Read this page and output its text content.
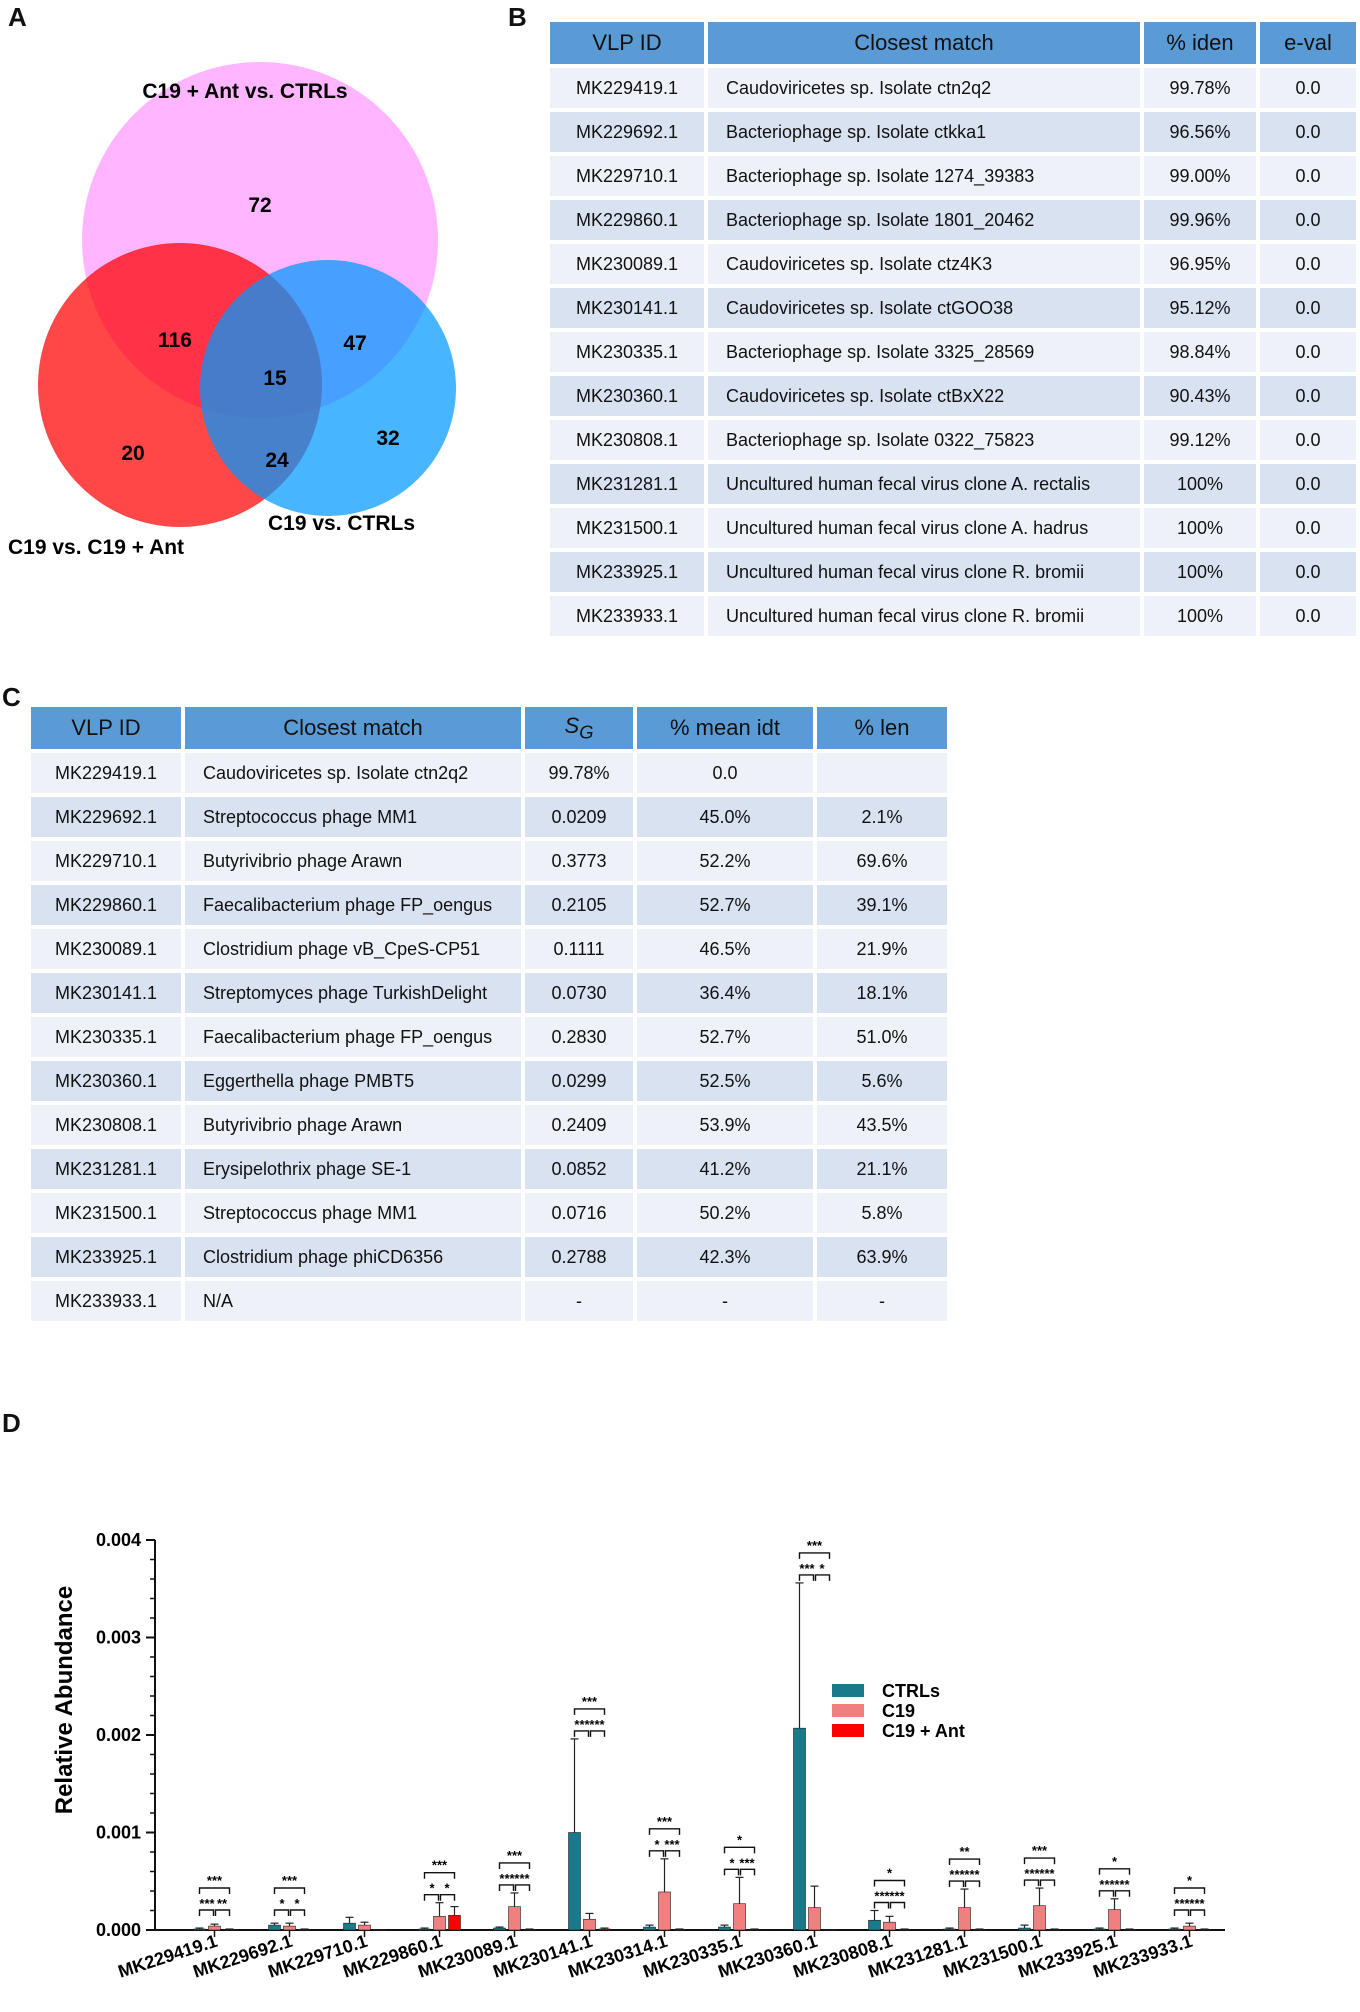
A	B
C
D
C19 + Ant vs. CTRLs
C19 vs. C19 + Ant
C19 vs. CTRLs
72
116	47
15
20
32
24
VLP ID	Closest match	% iden	e-val
MK229419.1	Caudoviricetes sp. Isolate ctn2q2	99.78%	0.0
MK229692.1	Bacteriophage sp. Isolate ctkka1	96.56%	0.0
MK229710.1	Bacteriophage sp. Isolate 1274_39383	99.00%	0.0
MK229860.1	Bacteriophage sp. Isolate 1801_20462	99.96%	0.0
MK230089.1	Caudoviricetes sp. Isolate ctz4K3	96.95%	0.0
MK230141.1	Caudoviricetes sp. Isolate ctGOO38	95.12%	0.0
MK230335.1	Bacteriophage sp. Isolate 3325_28569	98.84%	0.0
MK230360.1	Caudoviricetes sp. Isolate ctBxX22	90.43%	0.0
MK230808.1	Bacteriophage sp. Isolate 0322_75823	99.12%	0.0
MK231281.1	Uncultured human fecal virus clone A. rectalis	100%	0.0
MK231500.1	Uncultured human fecal virus clone A. hadrus	100%	0.0
MK233925.1	Uncultured human fecal virus clone R. bromii	100%	0.0
MK233933.1	Uncultured human fecal virus clone R. bromii	100%	0.0
VLP ID	Closest match	$S_G$	% mean idt	% len
MK229419.1	Caudoviricetes sp. Isolate ctn2q2	99.78%	0.0	
MK229692.1	Streptococcus phage MM1	0.0209	45.0%	2.1%
MK229710.1	Butyrivibrio phage Arawn	0.3773	52.2%	69.6%
MK229860.1	Faecalibacterium phage FP_oengus	0.2105	52.7%	39.1%
MK230089.1	Clostridium phage vB_CpeS-CP51	0.1111	46.5%	21.9%
MK230141.1	Streptomyces phage TurkishDelight	0.0730	36.4%	18.1%
MK230335.1	Faecalibacterium phage FP_oengus	0.2830	52.7%	51.0%
MK230360.1	Eggerthella phage PMBT5	0.0299	52.5%	5.6%
MK230808.1	Butyrivibrio phage Arawn	0.2409	53.9%	43.5%
MK231281.1	Erysipelothrix phage SE-1	0.0852	41.2%	21.1%
MK231500.1	Streptococcus phage MM1	0.0716	50.2%	5.8%
MK233925.1	Clostridium phage phiCD6356	0.2788	42.3%	63.9%
MK233933.1	N/A	-	-	-
0.000
0.001
0.002
0.003
0.004
*** **
***
* *
***
* *
***
*** ***
***
*** ***
***
* ***
***
* ***
*
*** *
***
*** ***
*	*** ***
**
*** ***
***
*** ***
*
*** ***
*
MK229419.1
MK229692.1
MK229710.1
MK229860.1
MK230089.1
MK230141.1
MK230314.1
MK230335.1
MK230360.1
MK230808.1
MK231281.1
MK231500.1
MK233925.1
MK233933.1
CTRLs
C19
C19 + Ant
Relative Abundance
